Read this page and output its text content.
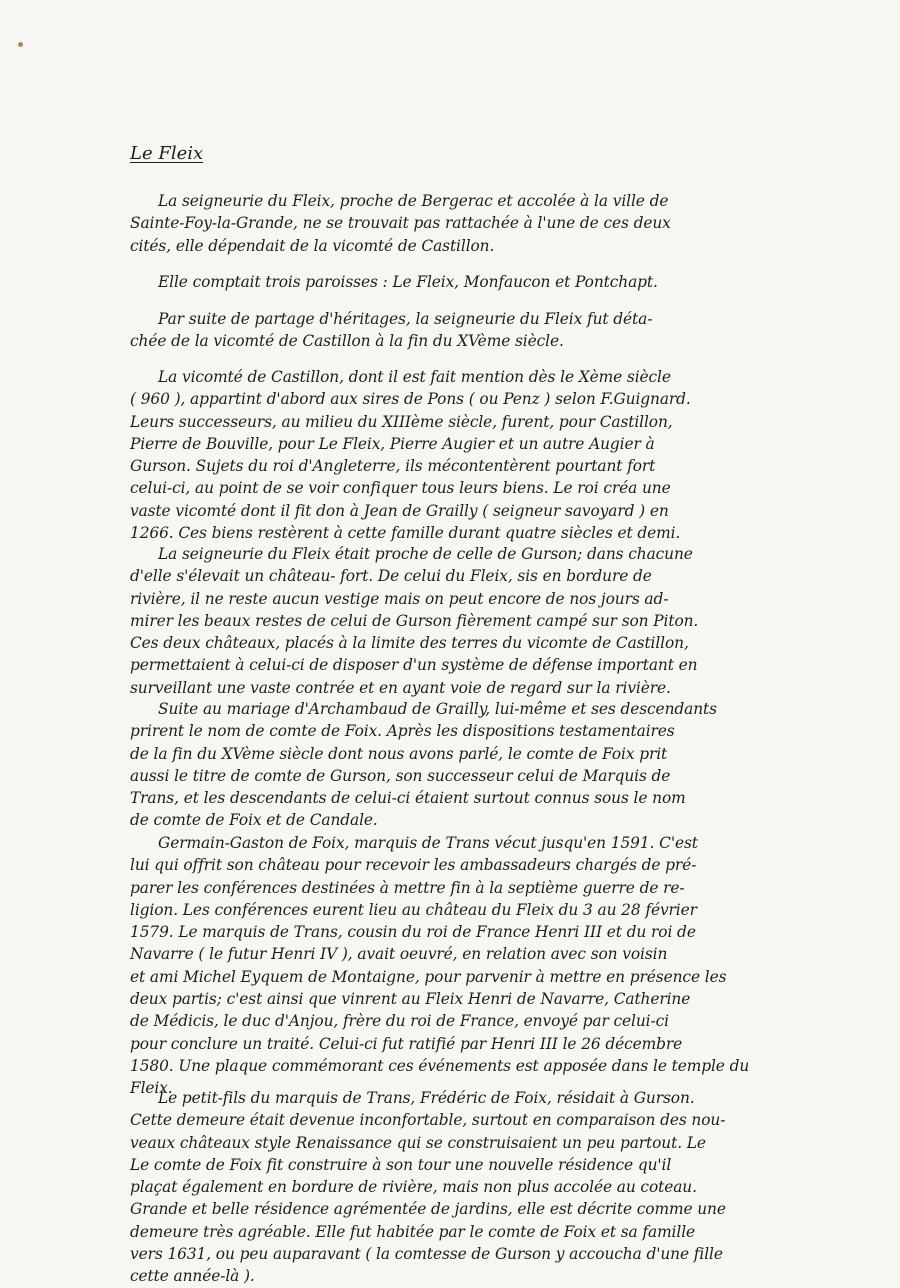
Le Fleix
La seigneurie du Fleix, proche de Bergerac et accolée à la ville de
Sainte-Foy-la-Grande, ne se trouvait pas rattachée à l'une de ces deux
cités, elle dépendait de la vicomté de Castillon.
Elle comptait trois paroisses : Le Fleix, Monfaucon et Pontchapt.
Par suite de partage d'héritages, la seigneurie du Fleix fut déta-
chée de la vicomté de Castillon à la fin du XVème siècle.
La vicomté de Castillon, dont il est fait mention dès le Xème siècle
( 960 ), appartint d'abord aux sires de Pons ( ou Penz ) selon F.Guignard.
Leurs successeurs, au milieu du XIIIème siècle, furent, pour Castillon,
Pierre de Bouville, pour Le Fleix, Pierre Augier et un autre Augier à
Gurson. Sujets du roi d'Angleterre, ils mécontentèrent pourtant fort
celui-ci, au point de se voir confiquer tous leurs biens. Le roi créa une
vaste vicomté dont il fit don à Jean de Grailly ( seigneur savoyard ) en
1266. Ces biens restèrent à cette famille durant quatre siècles et demi.
La seigneurie du Fleix était proche de celle de Gurson; dans chacune
d'elle s'élevait un château- fort. De celui du Fleix, sis en bordure de
rivière, il ne reste aucun vestige mais on peut encore de nos jours ad-
mirer les beaux restes de celui de Gurson fièrement campé sur son Piton.
Ces deux châteaux, placés à la limite des terres du vicomte de Castillon,
permettaient à celui-ci de disposer d'un système de défense important en
surveillant une vaste contrée et en ayant voie de regard sur la rivière.
Suite au mariage d'Archambaud de Grailly, lui-même et ses descendants
prirent le nom de comte de Foix. Après les dispositions testamentaires
de la fin du XVème siècle dont nous avons parlé, le comte de Foix prit
aussi le titre de comte de Gurson, son successeur celui de Marquis de
Trans, et les descendants de celui-ci étaient surtout connus sous le nom
de comte de Foix et de Candale.
Germain-Gaston de Foix, marquis de Trans vécut jusqu'en 1591. C'est
lui qui offrit son château pour recevoir les ambassadeurs chargés de pré-
parer les conférences destinées à mettre fin à la septième guerre de re-
ligion. Les conférences eurent lieu au château du Fleix du 3 au 28 février
1579. Le marquis de Trans, cousin du roi de France Henri III et du roi de
Navarre ( le futur Henri IV ), avait oeuvré, en relation avec son voisin
et ami Michel Eyquem de Montaigne, pour parvenir à mettre en présence les
deux partis; c'est ainsi que vinrent au Fleix Henri de Navarre, Catherine
de Médicis, le duc d'Anjou, frère du roi de France, envoyé par celui-ci
pour conclure un traité. Celui-ci fut ratifié par Henri III le 26 décembre
1580. Une plaque commémorant ces événements est apposée dans le temple du
Fleix.
Le petit-fils du marquis de Trans, Frédéric de Foix, résidait à Gurson.
Cette demeure était devenue inconfortable, surtout en comparaison des nou-
veaux châteaux style Renaissance qui se construisaient un peu partout. Le
Le comte de Foix fit construire à son tour une nouvelle résidence qu'il
plaçat également en bordure de rivière, mais non plus accolée au coteau.
Grande et belle résidence agrémentée de jardins, elle est décrite comme une
demeure très agréable. Elle fut habitée par le comte de Foix et sa famille
vers 1631, ou peu auparavant ( la comtesse de Gurson y accoucha d'une fille
cette année-là ).
